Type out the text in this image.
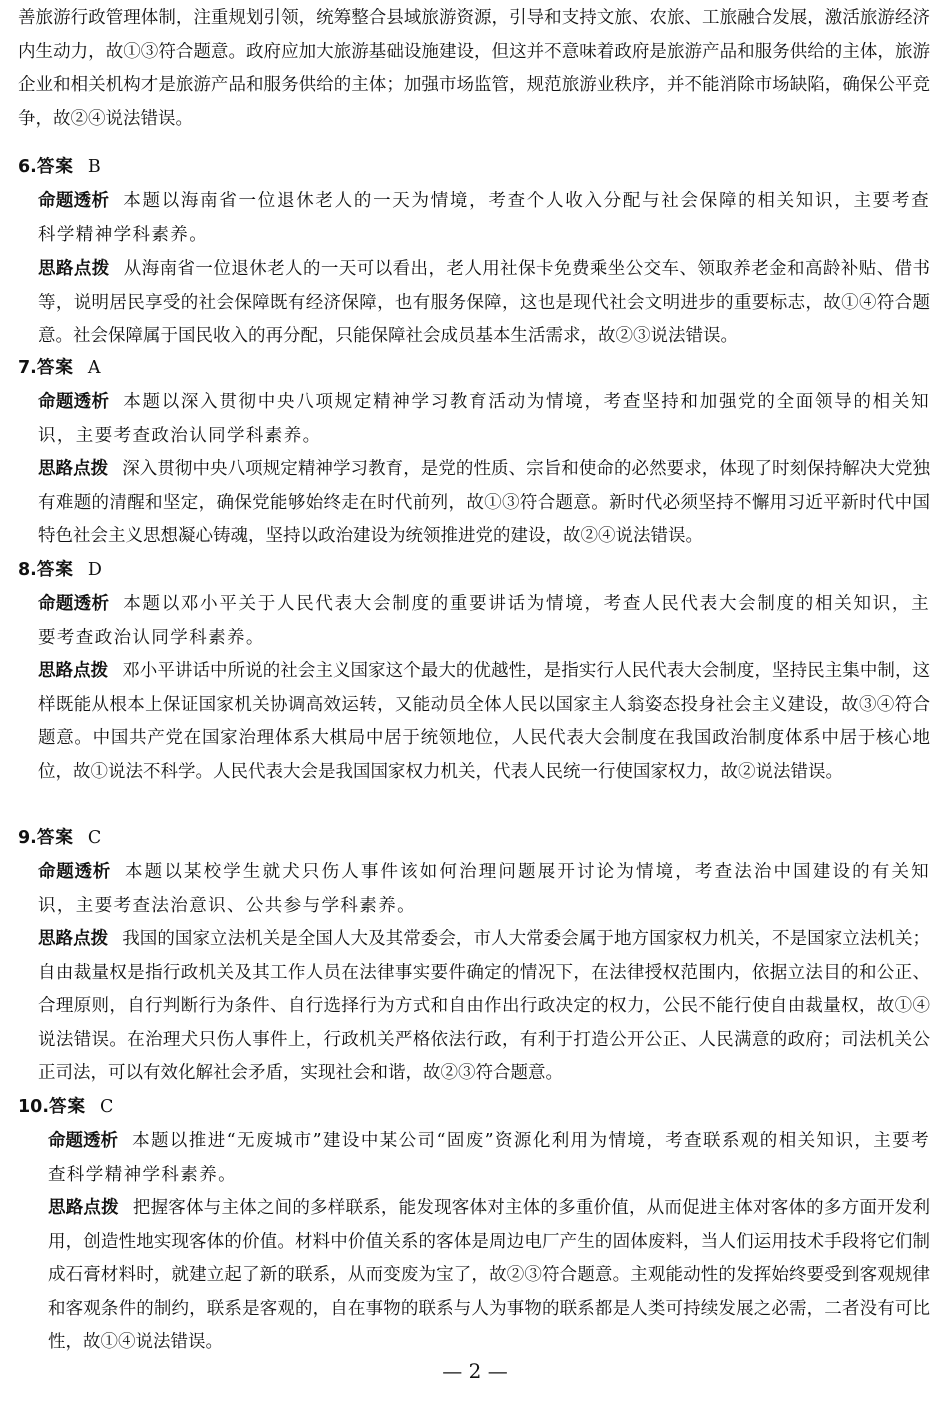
善旅游行政管理体制，注重规划引领，统筹整合县域旅游资源，引导和支持文旅、农旅、工旅融合发展，激活旅游经济内生动力，故①③符合题意。政府应加大旅游基础设施建设，但这并不意味着政府是旅游产品和服务供给的主体，旅游企业和相关机构才是旅游产品和服务供给的主体；加强市场监管，规范旅游业秩序，并不能消除市场缺陷，确保公平竞争，故②④说法错误。

6.答案 B

命题透析 本题以海南省一位退休老人的一天为情境，考查个人收入分配与社会保障的相关知识，主要考查科学精神学科素养。

思路点拨 从海南省一位退休老人的一天可以看出，老人用社保卡免费乘坐公交车、领取养老金和高龄补贴、借书等，说明居民享受的社会保障既有经济保障，也有服务保障，这也是现代社会文明进步的重要标志，故①④符合题意。社会保障属于国民收入的再分配，只能保障社会成员基本生活需求，故②③说法错误。

7.答案 A

命题透析 本题以深入贯彻中央八项规定精神学习教育活动为情境，考查坚持和加强党的全面领导的相关知识，主要考查政治认同学科素养。

思路点拨 深入贯彻中央八项规定精神学习教育，是党的性质、宗旨和使命的必然要求，体现了时刻保持解决大党独有难题的清醒和坚定，确保党能够始终走在时代前列，故①③符合题意。新时代必须坚持不懈用习近平新时代中国特色社会主义思想凝心铸魂，坚持以政治建设为统领推进党的建设，故②④说法错误。

8.答案 D

命题透析 本题以邓小平关于人民代表大会制度的重要讲话为情境，考查人民代表大会制度的相关知识，主要考查政治认同学科素养。

思路点拨 邓小平讲话中所说的社会主义国家这个最大的优越性，是指实行人民代表大会制度，坚持民主集中制，这样既能从根本上保证国家机关协调高效运转，又能动员全体人民以国家主人翁姿态投身社会主义建设，故③④符合题意。中国共产党在国家治理体系大棋局中居于统领地位，人民代表大会制度在我国政治制度体系中居于核心地位，故①说法不科学。人民代表大会是我国国家权力机关，代表人民统一行使国家权力，故②说法错误。

9.答案 C

命题透析 本题以某校学生就犬只伤人事件该如何治理问题展开讨论为情境，考查法治中国建设的有关知识，主要考查法治意识、公共参与学科素养。

思路点拨 我国的国家立法机关是全国人大及其常委会，市人大常委会属于地方国家权力机关，不是国家立法机关；自由裁量权是指行政机关及其工作人员在法律事实要件确定的情况下，在法律授权范围内，依据立法目的和公正、合理原则，自行判断行为条件、自行选择行为方式和自由作出行政决定的权力，公民不能行使自由裁量权，故①④说法错误。在治理犬只伤人事件上，行政机关严格依法行政，有利于打造公开公正、人民满意的政府；司法机关公正司法，可以有效化解社会矛盾，实现社会和谐，故②③符合题意。

10.答案 C

命题透析 本题以推进“无废城市”建设中某公司“固废”资源化利用为情境，考查联系观的相关知识，主要考查科学精神学科素养。

思路点拨 把握客体与主体之间的多样联系，能发现客体对主体的多重价值，从而促进主体对客体的多方面开发利用，创造性地实现客体的价值。材料中价值关系的客体是周边电厂产生的固体废料，当人们运用技术手段将它们制成石膏材料时，就建立起了新的联系，从而变废为宝了，故②③符合题意。主观能动性的发挥始终要受到客观规律和客观条件的制约，联系是客观的，自在事物的联系与人为事物的联系都是人类可持续发展之必需，二者没有可比性，故①④说法错误。

— 2 —
